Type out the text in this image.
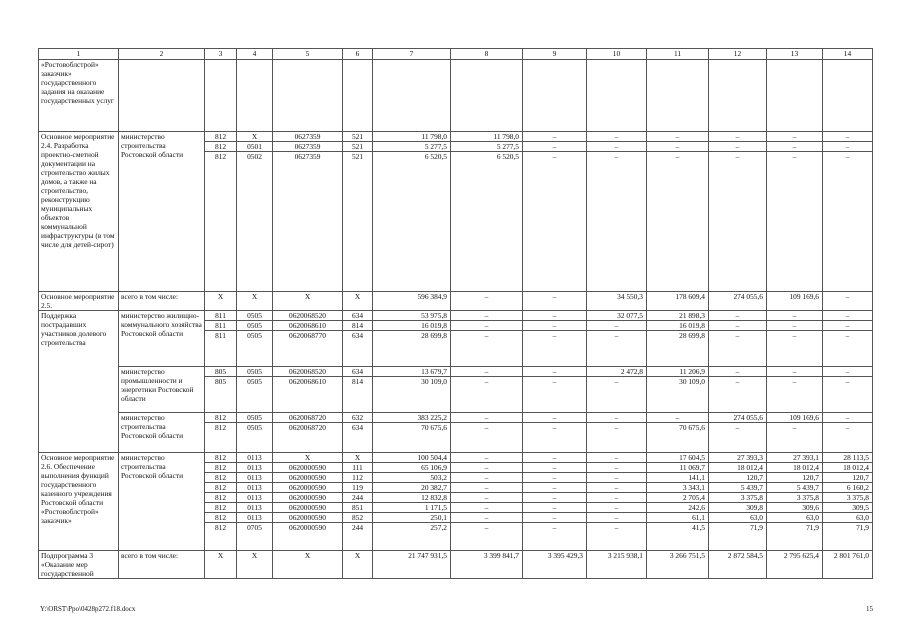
1	2	3	4	5	6	7	8	9	10	11	12	13	14
«Ростовоблстрой» заказчик» государственного задания на оказание государственных услуг													
Основное мероприятие 2.4. Разработка проектно-сметной документации на строительство жилых домов, а также на строительство, реконструкцию муниципальных объектов коммунальной инфраструктуры (в том числе для детей-сирот)	министерство строительства Ростовской области	812	X	0627359	521	11 798,0	11 798,0	–	–	–	–	–	–
		812	0501	0627359	521	5 277,5	5 277,5	–	–	–	–	–	–
		812	0502	0627359	521	6 520,5	6 520,5	–	–	–	–	–	–
Основное мероприятие 2.5.	всего в том числе:	X	X	X	X	596 384,9	–	–	34 550,3	178 609,4	274 055,6	109 169,6	–
Поддержка пострадавших участников долевого строительства	министерство жилищно-коммунального хозяйства Ростовской области	811	0505	0620068520	634	53 975,8	–	–	32 077,5	21 898,3	–	–	–
		811	0505	0620068610	814	16 019,8	–	–	–	16 019,8	–	–	–
		811	0505	0620068770	634	28 699,8	–	–	–	28 699,8	–	–	–
	министерство промышленности и энергетики Ростовской области	805	0505	0620068520	634	13 679,7	–	–	2 472,8	11 206,9	–	–	–
		805	0505	0620068610	814	30 109,0	–	–	–	30 109,0	–	–	–
	министерство строительства Ростовской области	812	0505	0620068720	632	383 225,2	–	–	–	–	274 055,6	109 169,6	–
		812	0505	0620068720	634	70 675,6	–	–	–	70 675,6	–	–	–
Основное мероприятие 2.6. Обеспечение выполнения функций государственного казенного учреждения Ростовской области «Ростовоблстрой» заказчик»	министерство строительства Ростовской области	812	0113	X	X	100 504,4	–	–	–	17 604,5	27 393,3	27 393,1	28 113,5
		812	0113	0620000590	111	65 106,9	–	–	–	11 069,7	18 012,4	18 012,4	18 012,4
		812	0113	0620000590	112	503,2	–	–	–	141,1	120,7	120,7	120,7
		812	0113	0620000590	119	20 382,7	–	–	–	3 343,1	5 439,7	5 439,7	6 160,2
		812	0113	0620000590	244	12 832,8	–	–	–	2 705,4	3 375,8	3 375,8	3 375,8
		812	0113	0620000590	851	1 171,5	–	–	–	242,6	309,8	309,6	309,5
		812	0113	0620000590	852	250,1	–	–	–	61,1	63,0	63,0	63,0
		812	0705	0620000590	244	257,2	–	–	–	41,5	71,9	71,9	71,9
Подпрограмма 3 «Оказание мер государственной	всего в том числе:	X	X	X	X	21 747 931,5	3 399 841,7	3 395 429,3	3 215 938,1	3 266 751,5	2 872 584,5	2 795 625,4	2 801 761,0
Y:\ORST\Ppo\0428p272.f18.docx	15
